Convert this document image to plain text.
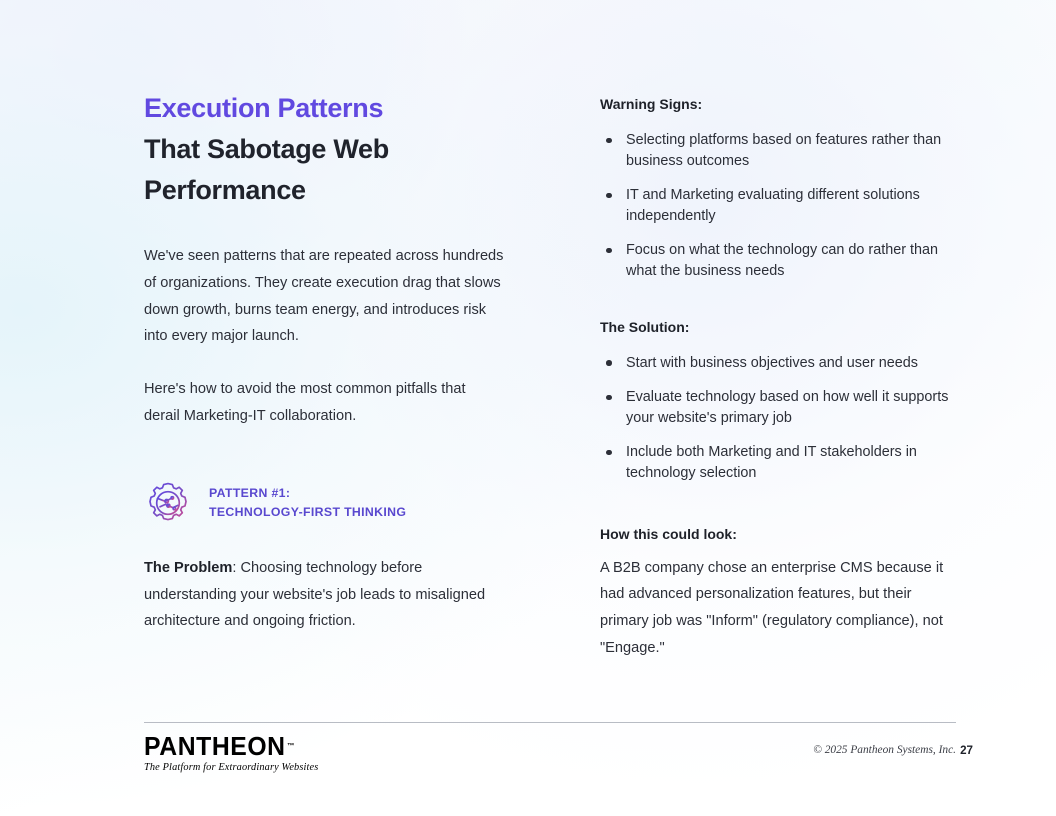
Execution Patterns
That Sabotage Web
Performance

We've seen patterns that are repeated across hundreds of organizations. They create execution drag that slows down growth, burns team energy, and introduces risk into every major launch.

Here's how to avoid the most common pitfalls that derail Marketing-IT collaboration.

PATTERN #1:
TECHNOLOGY-FIRST THINKING

The Problem: Choosing technology before understanding your website's job leads to misaligned architecture and ongoing friction.

Warning Signs:
Selecting platforms based on features rather than business outcomes
IT and Marketing evaluating different solutions independently
Focus on what the technology can do rather than what the business needs
The Solution:
Start with business objectives and user needs
Evaluate technology based on how well it supports your website's primary job
Include both Marketing and IT stakeholders in technology selection
How this could look:

A B2B company chose an enterprise CMS because it had advanced personalization features, but their primary job was "Inform" (regulatory compliance), not "Engage."

PANTHEON ™
The Platform for Extraordinary Websites
© 2025 Pantheon Systems, Inc. 27
